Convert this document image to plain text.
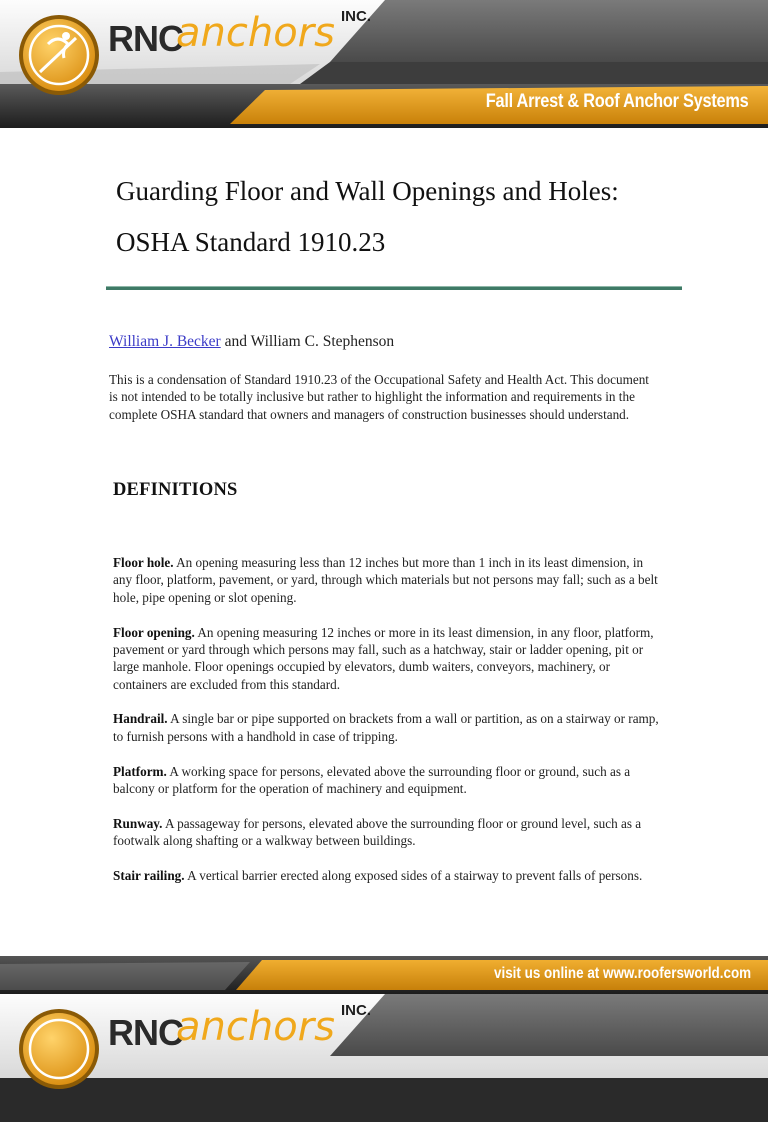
RNC
anchors INC.
Fall Arrest & Roof Anchor Systems
Guarding Floor and Wall Openings and Holes: OSHA Standard 1910.23
William J. Becker and William C. Stephenson

This is a condensation of Standard 1910.23 of the Occupational Safety and Health Act. This document is not intended to be totally inclusive but rather to highlight the information and requirements in the complete OSHA standard that owners and managers of construction businesses should understand.

DEFINITIONS
Floor hole. An opening measuring less than 12 inches but more than 1 inch in its least dimension, in any floor, platform, pavement, or yard, through which materials but not persons may fall; such as a belt hole, pipe opening or slot opening.
Floor opening. An opening measuring 12 inches or more in its least dimension, in any floor, platform, pavement or yard through which persons may fall, such as a hatchway, stair or ladder opening, pit or large manhole. Floor openings occupied by elevators, dumb waiters, conveyors, machinery, or containers are excluded from this standard.
Handrail. A single bar or pipe supported on brackets from a wall or partition, as on a stairway or ramp, to furnish persons with a handhold in case of tripping.
Platform. A working space for persons, elevated above the surrounding floor or ground, such as a balcony or platform for the operation of machinery and equipment.
Runway. A passageway for persons, elevated above the surrounding floor or ground level, such as a footwalk along shafting or a walkway between buildings.
Stair railing. A vertical barrier erected along exposed sides of a stairway to prevent falls of persons.
visit us online at www.roofersworld.com
RNC
anchors INC.
